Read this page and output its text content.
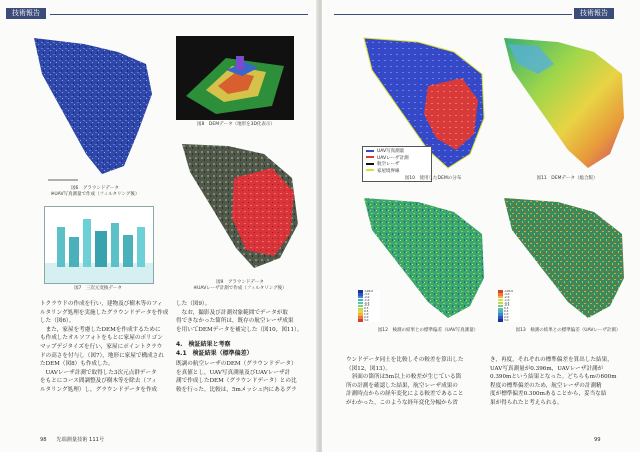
技術報告
図6　グラウンドデータ
※UAV写真測量で作成（フィルタリング後）
図8　DEMデータ（地形を3D化表示）
図9　グラウンドデータ
※UAVレーザ計測で作成（フィルタリング後）
図7　三次元変換データ
トクラウドの作成を行い，建物及び樹木等のフィ
ルタリング処理を実施したグラウンドデータを作成
した（図6）。
　また，家屋を考慮したDEMを作成するために
も作成したオルソフォトをもとに家屋のポリゴン
マップデジタイズを行い，家屋にポイントクラウ
ドの高さを付与し（図7），地形に家屋で構成され
たDEM（図8）も作成した。
　UAVレーザ計測で取得した3次元点群データ
をもとにコース間調整及び樹木等を除去（フィ
ルタリング処理）し，グラウンドデータを作成
した（図9）。
　なお，撮影及び計測対象範囲でデータが取
得できなかった箇所は，既存の航空レーザ成果
を用いてDEMデータを補完した（図10，図11）。
4.　検証結果と考察
4.1　検証結果（標準偏差）
既調の航空レーザのDEM（グラウンドデータ）
を真値とし，UAV写真測量及びUAVレーザ計
測で作成したDEM（グラウンドデータ）との比
較を行った。比較は，5mメッシュ内にあるグラ
98 先端測量技術 111号
技術報告
UAV写真測量
UAVレーザ計測
航空レーザ
家屋境界線
図10　使用したDEMの分布	図11　DEMデータ（総合版）
-100.0
-3.0
-2.0
-1.0
-0.5
-0.3
0.3
0.5
1.0
2.0
3.0
図12　検測の結果との標準偏差（UAV写真測量）
-100.0
-3.0
-2.0
-1.0
-0.5
-0.3
0.3
0.5
1.0
2.0
3.0
図13　検測の結果との標準偏差（UAVレーザ計測）
ウンドデータ同士を比較しその較差を算出した
（図12，図13）。
　斜面の箇所は5m以上の較差が生じている箇
所の計測を確認した結果，航空レーザ成果の
計測時点からの経年変化による較差であること
がわかった。このような経年変化分幅から省
き，再度，それぞれの標準偏差を算出した結果，
UAV写真測量が0.396m，UAVレーザ計測が
0.390mという結果となった。どちらもmの600m
程度の標準偏差のため，航空レーザの計測精
度が標準偏差0.300mあることから，妥当な結
果が得られたと考えられる。
99
